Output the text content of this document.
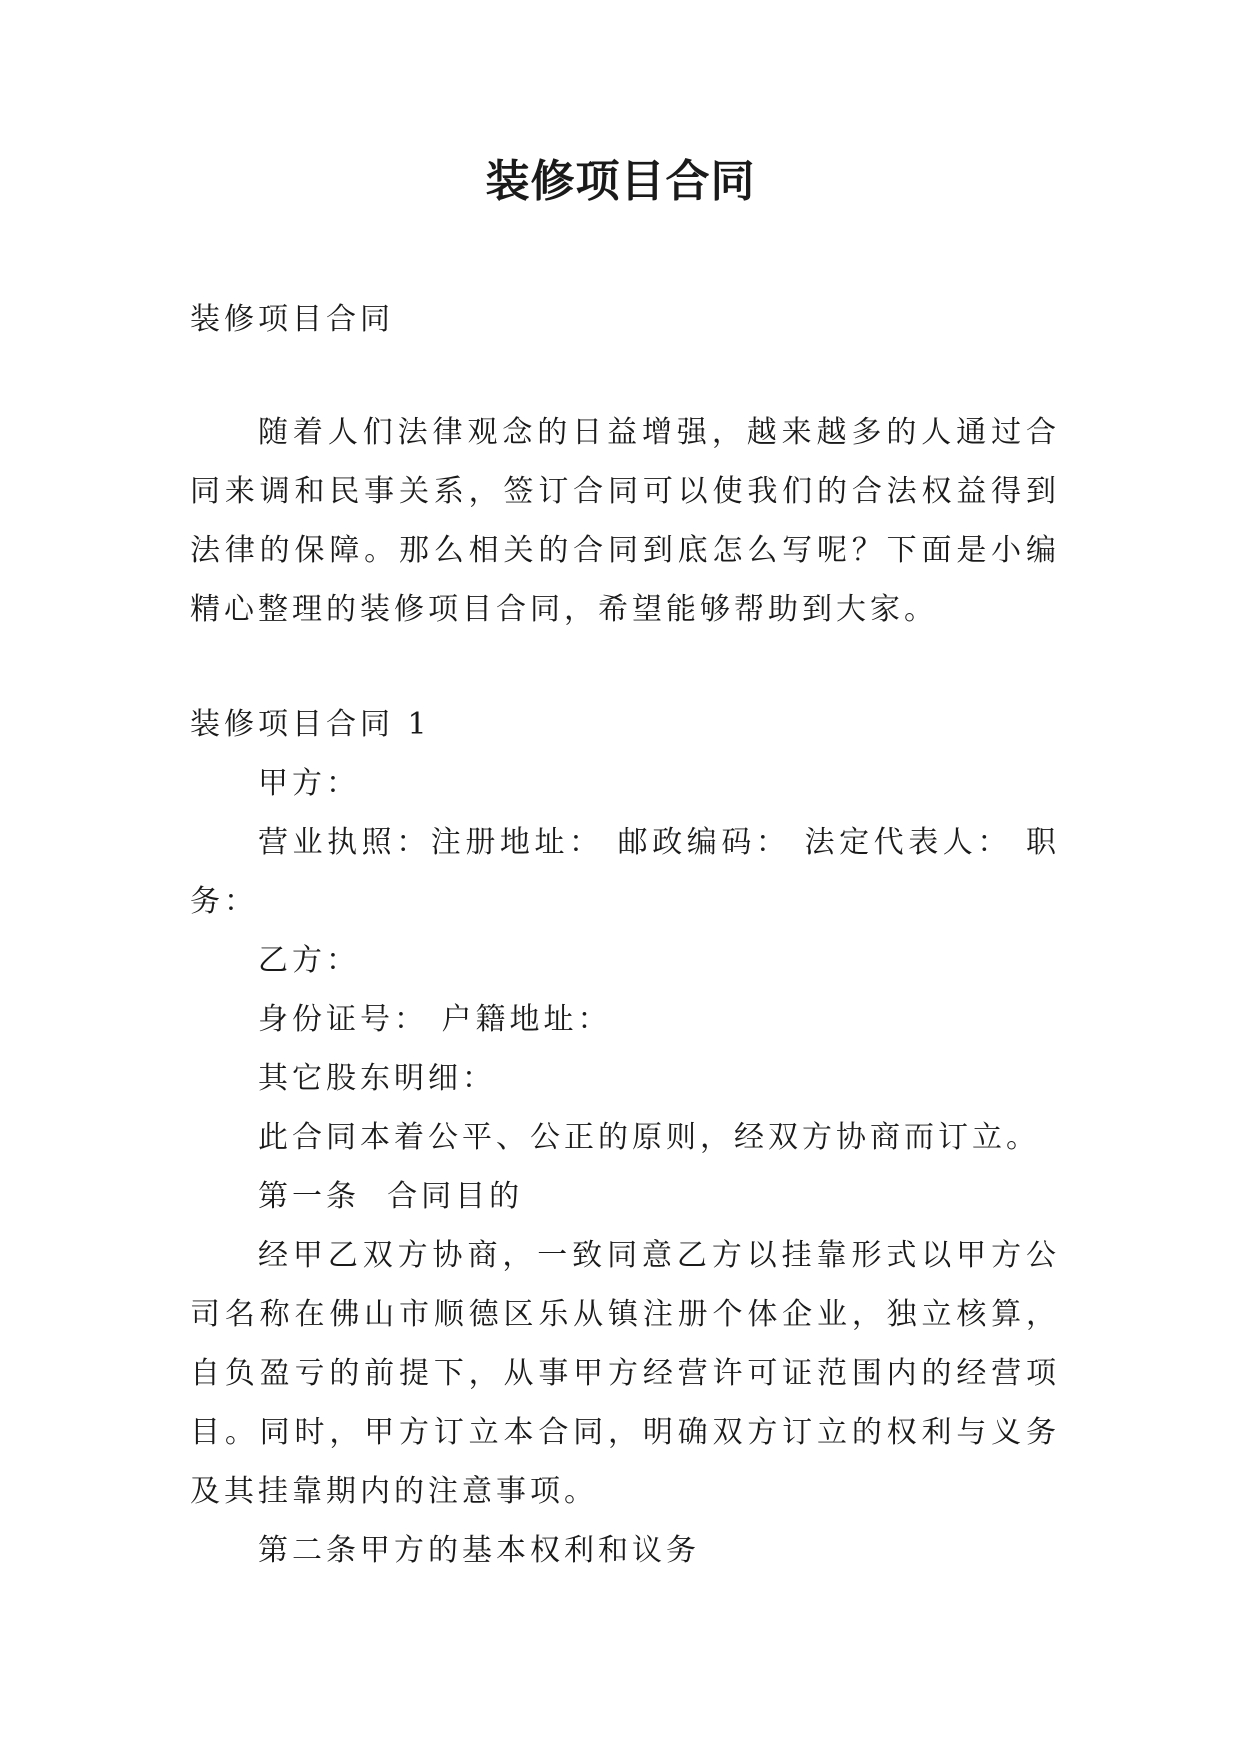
装修项目合同

装修项目合同

随着人们法律观念的日益增强，越来越多的人通过合同来调和民事关系，签订合同可以使我们的合法权益得到法律的保障。那么相关的合同到底怎么写呢？下面是小编精心整理的装修项目合同，希望能够帮助到大家。

装修项目合同 1

甲方：

营业执照：注册地址： 邮政编码： 法定代表人： 职务：

乙方：

身份证号： 户籍地址：

其它股东明细：

此合同本着公平、公正的原则，经双方协商而订立。

第一条  合同目的

经甲乙双方协商，一致同意乙方以挂靠形式以甲方公司名称在佛山市顺德区乐从镇注册个体企业，独立核算，自负盈亏的前提下，从事甲方经营许可证范围内的经营项目。同时，甲方订立本合同，明确双方订立的权利与义务及其挂靠期内的注意事项。

第二条甲方的基本权利和议务
